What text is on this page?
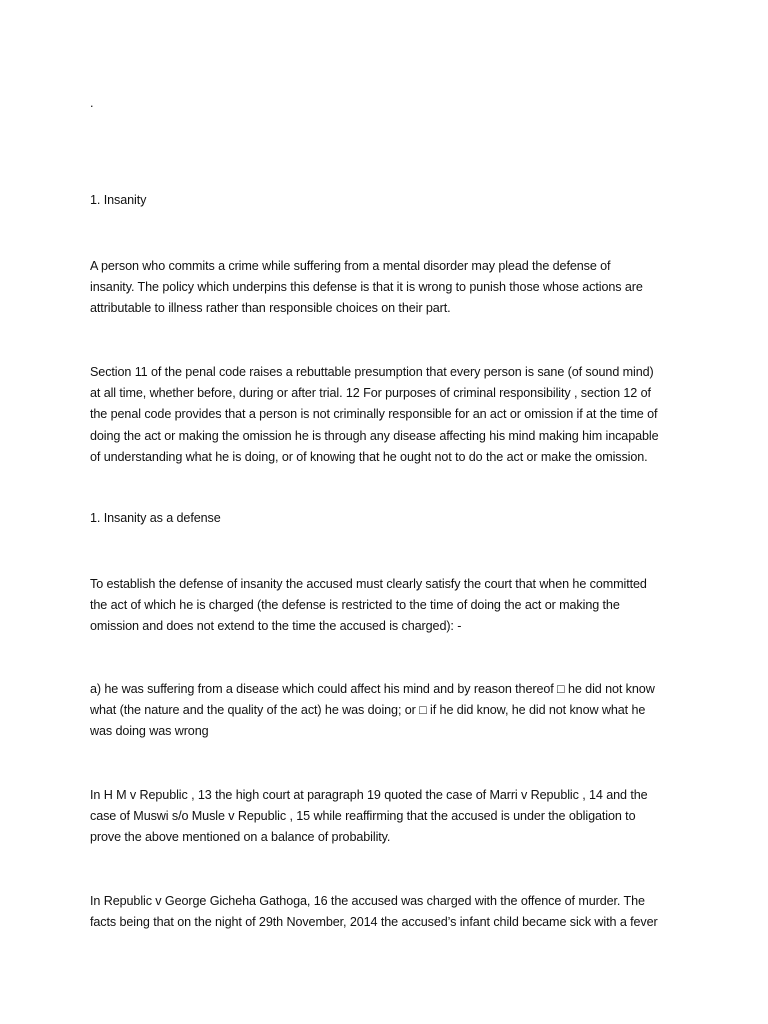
.
1. Insanity
A person who commits a crime while suffering from a mental disorder may plead the defense of
insanity. The policy which underpins this defense is that it is wrong to punish those whose actions are
attributable to illness rather than responsible choices on their part.
Section 11 of the penal code raises a rebuttable presumption that every person is sane (of sound mind)
at all time, whether before, during or after trial. 12 For purposes of criminal responsibility , section 12 of
the penal code provides that a person is not criminally responsible for an act or omission if at the time of
doing the act or making the omission he is through any disease affecting his mind making him incapable
of understanding what he is doing, or of knowing that he ought not to do the act or make the omission.
1. Insanity as a defense
To establish the defense of insanity the accused must clearly satisfy the court that when he committed
the act of which he is charged (the defense is restricted to the time of doing the act or making the
omission and does not extend to the time the accused is charged): -
a) he was suffering from a disease which could affect his mind and by reason thereof □ he did not know
what (the nature and the quality of the act) he was doing; or □ if he did know, he did not know what he
was doing was wrong
In H M v Republic , 13 the high court at paragraph 19 quoted the case of Marri v Republic , 14 and the
case of Muswi s/o Musle v Republic , 15 while reaffirming that the accused is under the obligation to
prove the above mentioned on a balance of probability.
In Republic v George Gicheha Gathoga, 16 the accused was charged with the offence of murder. The
facts being that on the night of 29th November, 2014 the accused’s infant child became sick with a fever
